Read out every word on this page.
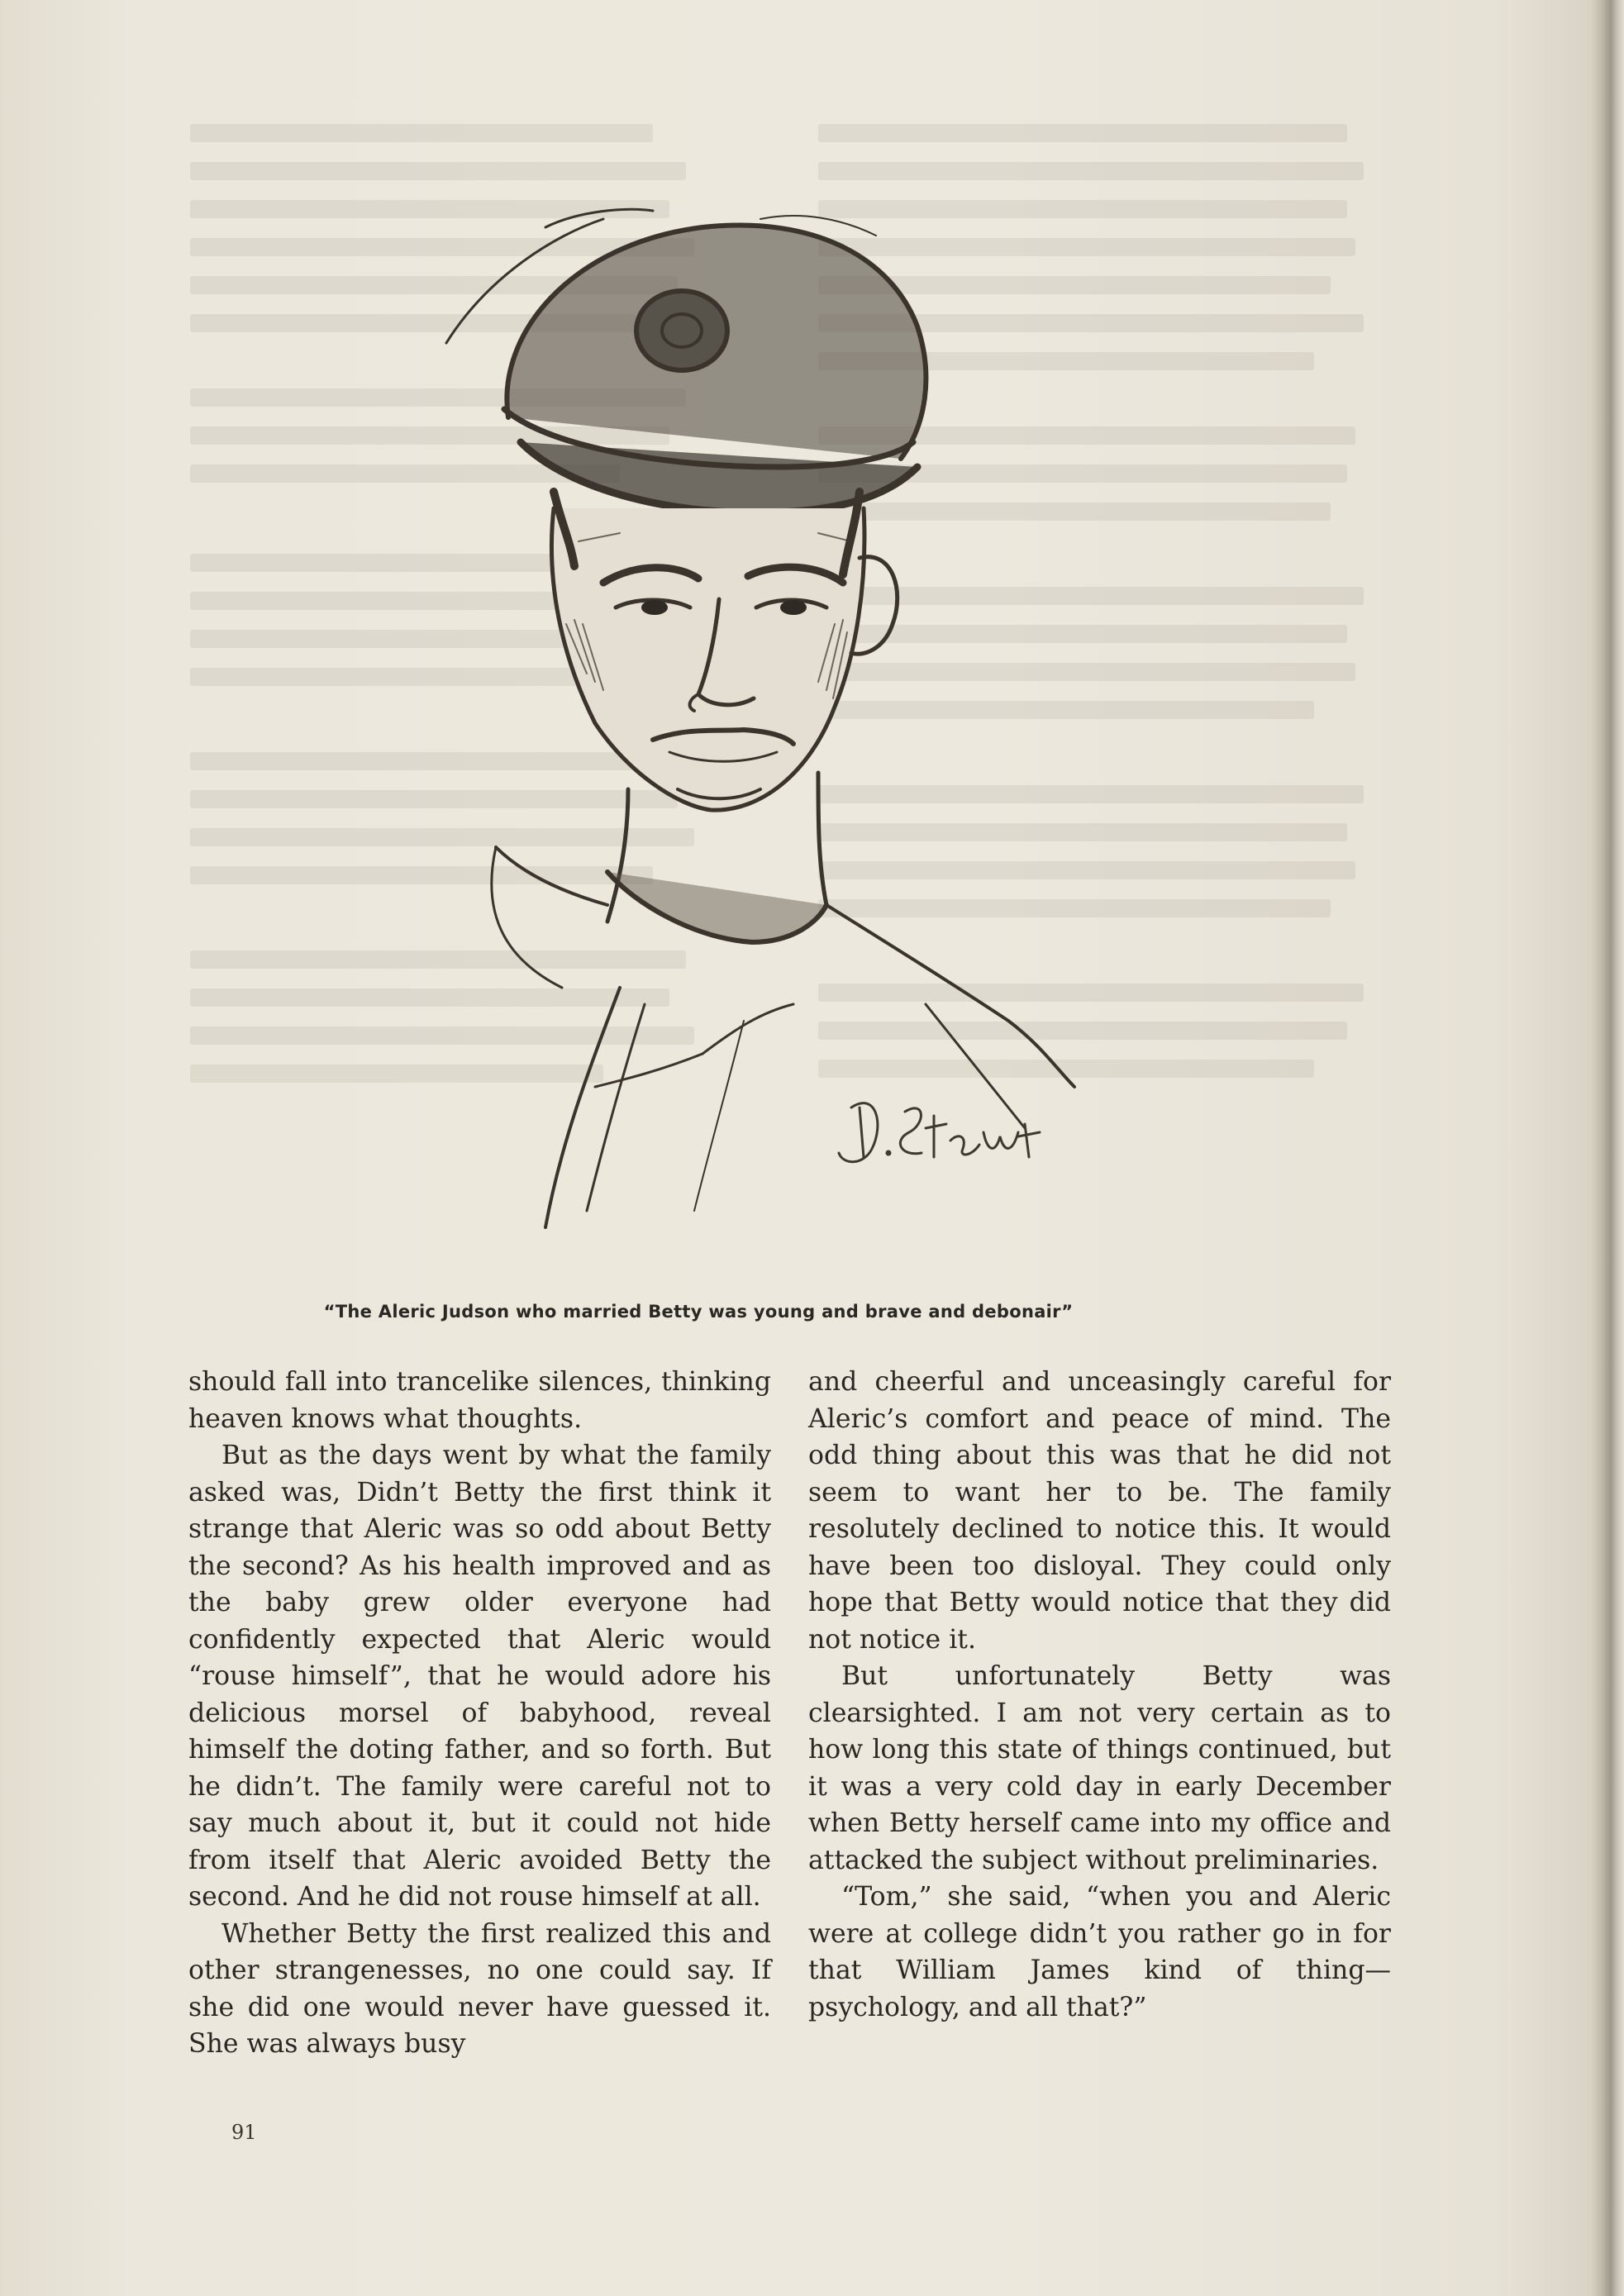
“The Aleric Judson who married Betty was young and brave and debonair”

should fall into trancelike silences, thinking heaven knows what thoughts.

But as the days went by what the family asked was, Didn’t Betty the first think it strange that Aleric was so odd about Betty the second? As his health improved and as the baby grew older everyone had confidently expected that Aleric would “rouse himself”, that he would adore his delicious morsel of babyhood, reveal himself the doting father, and so forth. But he didn’t. The family were careful not to say much about it, but it could not hide from itself that Aleric avoided Betty the second. And he did not rouse himself at all.

Whether Betty the first realized this and other strangenesses, no one could say. If she did one would never have guessed it. She was always busy

and cheerful and unceasingly careful for Aleric’s comfort and peace of mind. The odd thing about this was that he did not seem to want her to be. The family resolutely declined to notice this. It would have been too disloyal. They could only hope that Betty would notice that they did not notice it.

But unfortunately Betty was clearsighted. I am not very certain as to how long this state of things continued, but it was a very cold day in early December when Betty herself came into my office and attacked the subject without preliminaries.

“Tom,” she said, “when you and Aleric were at college didn’t you rather go in for that William James kind of thing—psychology, and all that?”

91
